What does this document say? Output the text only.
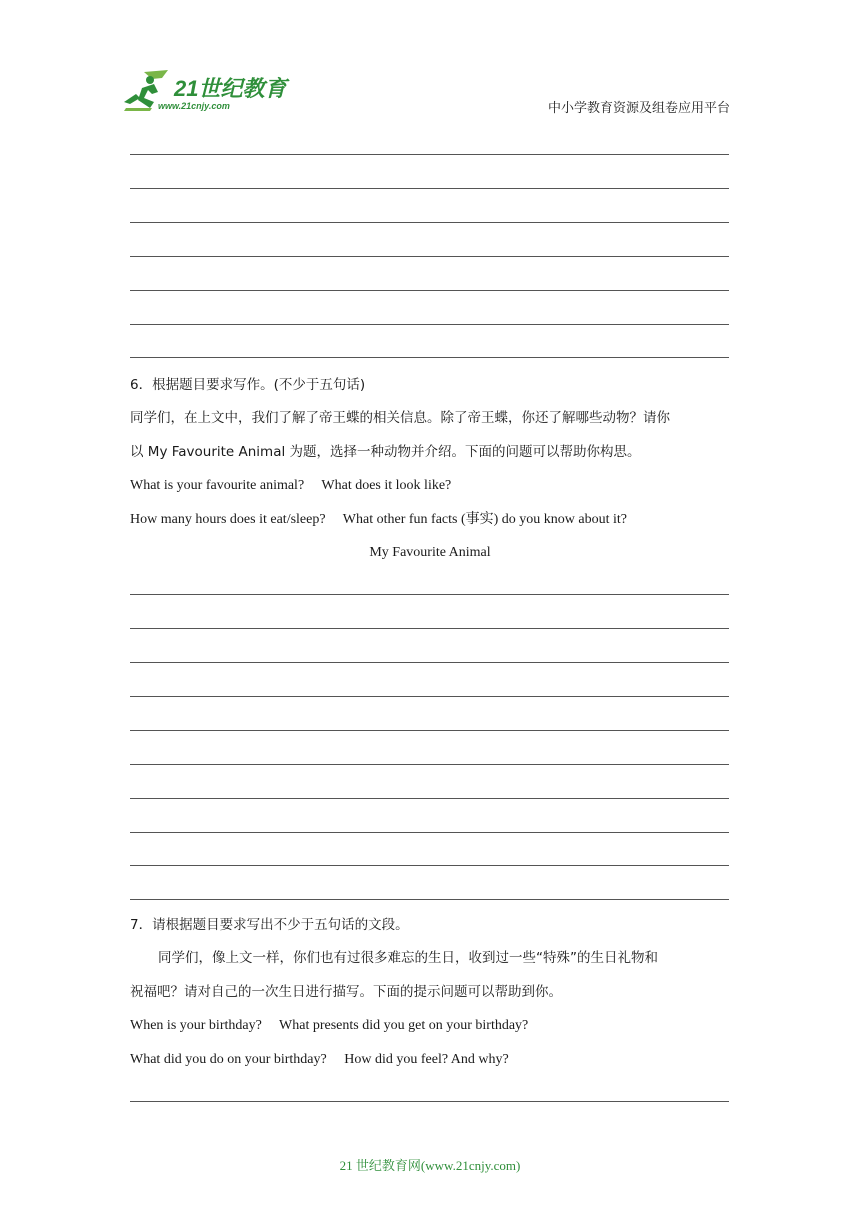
21世纪教育
www.21cnjy.com	中小学教育资源及组卷应用平台
6．根据题目要求写作。(不少于五句话)
同学们，在上文中，我们了解了帝王蝶的相关信息。除了帝王蝶，你还了解哪些动物？请你
以 My Favourite Animal 为题，选择一种动物并介绍。下面的问题可以帮助你构思。
What is your favourite animal?　 What does it look like?
How many hours does it eat/sleep?　 What other fun facts (事实) do you know about it?
My Favourite Animal
7．请根据题目要求写出不少于五句话的文段。
同学们，像上文一样，你们也有过很多难忘的生日，收到过一些“特殊”的生日礼物和
祝福吧？请对自己的一次生日进行描写。下面的提示问题可以帮助到你。
When is your birthday?　 What presents did you get on your birthday?
What did you do on your birthday?　 How did you feel? And why?
21 世纪教育网(www.21cnjy.com)
